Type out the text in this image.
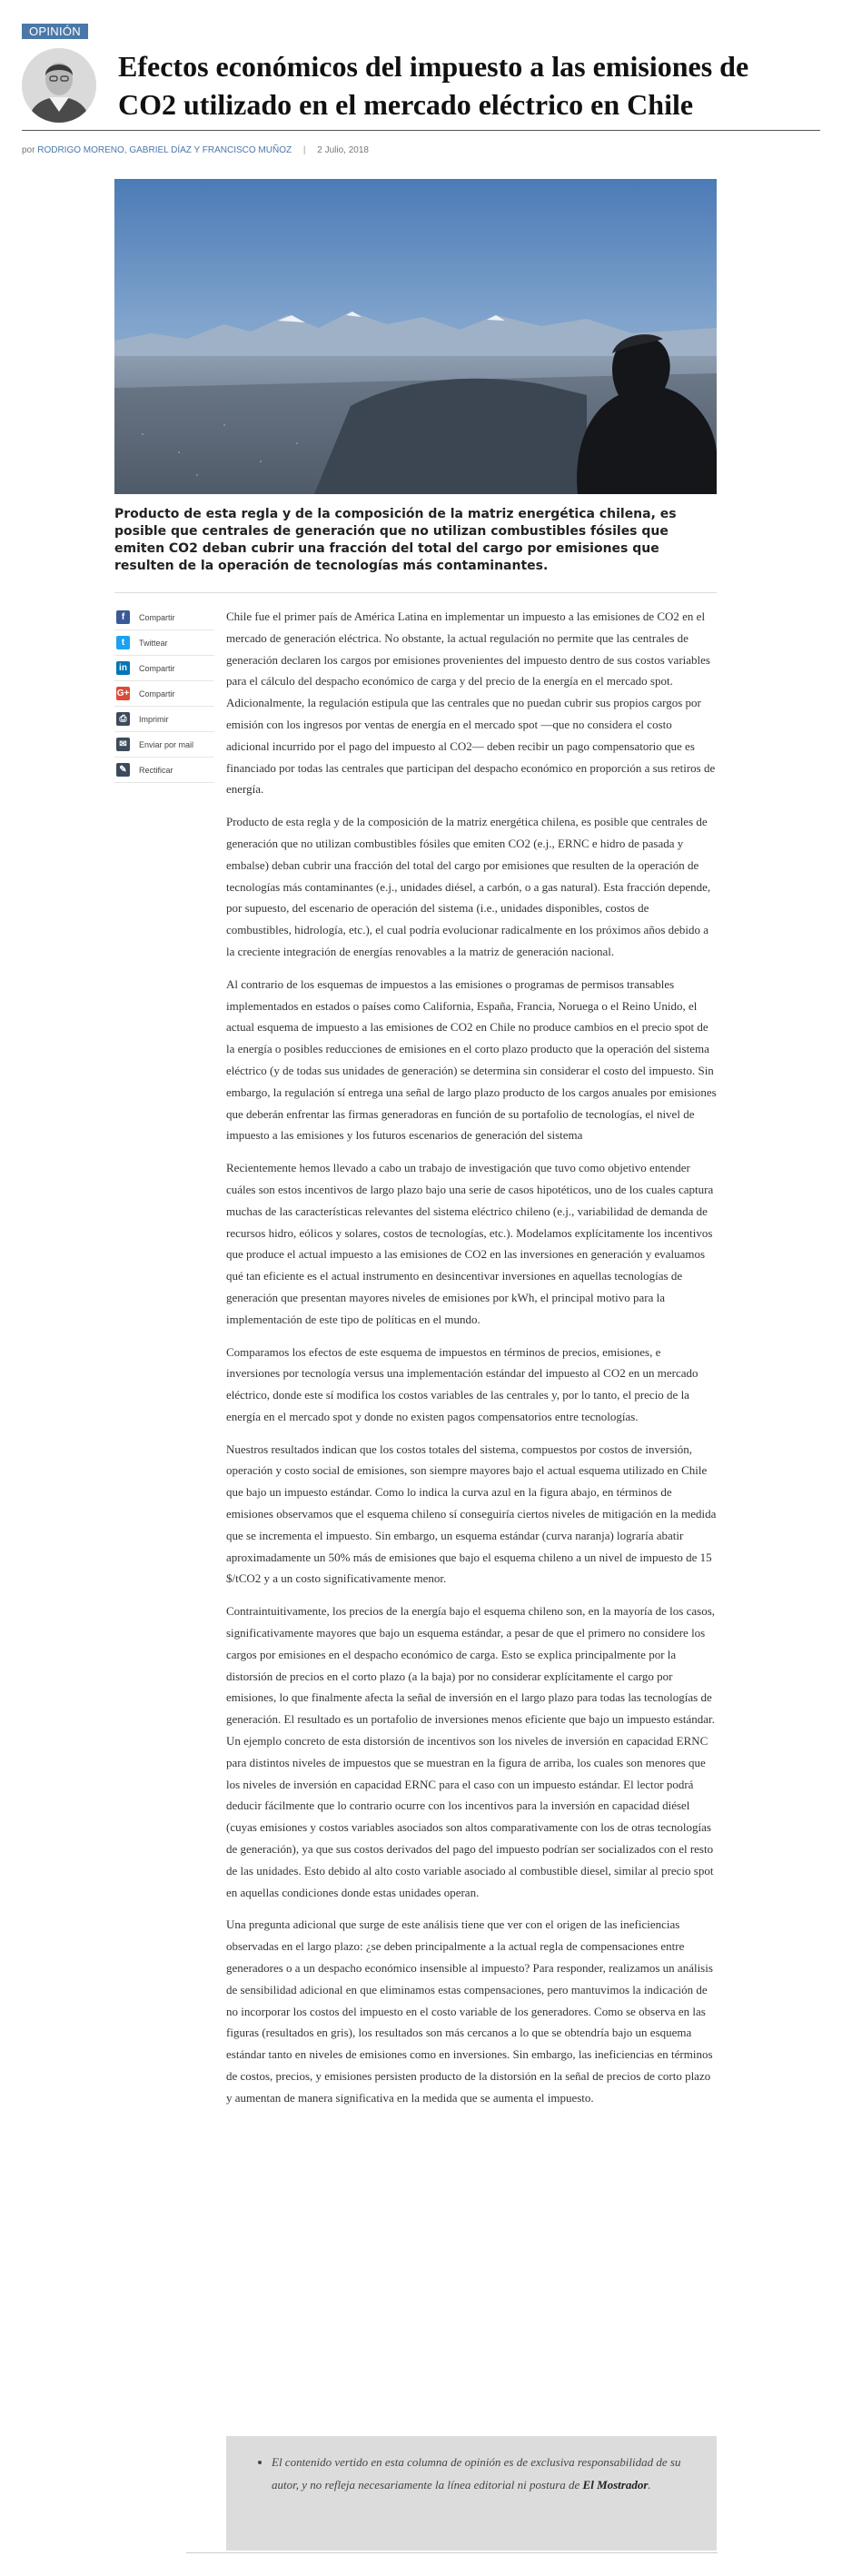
OPINIÓN
Efectos económicos del impuesto a las emisiones de CO2 utilizado en el mercado eléctrico en Chile
por RODRIGO MORENO, GABRIEL DÍAZ Y FRANCISCO MUÑOZ | 2 Julio, 2018

Producto de esta regla y de la composición de la matriz energética chilena, es posible que centrales de generación que no utilizan combustibles fósiles que emiten CO2 deban cubrir una fracción del total del cargo por emisiones que resulten de la operación de tecnologías más contaminantes.

f	Compartir
t	Twittear
in	Compartir
G+ Compartir
⎙	Imprimir
✉	Enviar por mail
✎	Rectificar

Chile fue el primer país de América Latina en implementar un impuesto a las emisiones de CO2 en el mercado de generación eléctrica. No obstante, la actual regulación no permite que las centrales de generación declaren los cargos por emisiones provenientes del impuesto dentro de sus costos variables para el cálculo del despacho económico de carga y del precio de la energía en el mercado spot. Adicionalmente, la regulación estipula que las centrales que no puedan cubrir sus propios cargos por emisión con los ingresos por ventas de energía en el mercado spot —que no considera el costo adicional incurrido por el pago del impuesto al CO2— deben recibir un pago compensatorio que es financiado por todas las centrales que participan del despacho económico en proporción a sus retiros de energía.

Producto de esta regla y de la composición de la matriz energética chilena, es posible que centrales de generación que no utilizan combustibles fósiles que emiten CO2 (e.j., ERNC e hidro de pasada y embalse) deban cubrir una fracción del total del cargo por emisiones que resulten de la operación de tecnologías más contaminantes (e.j., unidades diésel, a carbón, o a gas natural). Esta fracción depende, por supuesto, del escenario de operación del sistema (i.e., unidades disponibles, costos de combustibles, hidrología, etc.), el cual podría evolucionar radicalmente en los próximos años debido a la creciente integración de energías renovables a la matriz de generación nacional.

Al contrario de los esquemas de impuestos a las emisiones o programas de permisos transables implementados en estados o países como California, España, Francia, Noruega o el Reino Unido, el actual esquema de impuesto a las emisiones de CO2 en Chile no produce cambios en el precio spot de la energía o posibles reducciones de emisiones en el corto plazo producto que la operación del sistema eléctrico (y de todas sus unidades de generación) se determina sin considerar el costo del impuesto. Sin embargo, la regulación sí entrega una señal de largo plazo producto de los cargos anuales por emisiones que deberán enfrentar las firmas generadoras en función de su portafolio de tecnologías, el nivel de impuesto a las emisiones y los futuros escenarios de generación del sistema

Recientemente hemos llevado a cabo un trabajo de investigación que tuvo como objetivo entender cuáles son estos incentivos de largo plazo bajo una serie de casos hipotéticos, uno de los cuales captura muchas de las características relevantes del sistema eléctrico chileno (e.j., variabilidad de demanda de recursos hidro, eólicos y solares, costos de tecnologías, etc.). Modelamos explícitamente los incentivos que produce el actual impuesto a las emisiones de CO2 en las inversiones en generación y evaluamos qué tan eficiente es el actual instrumento en desincentivar inversiones en aquellas tecnologías de generación que presentan mayores niveles de emisiones por kWh, el principal motivo para la implementación de este tipo de políticas en el mundo.

Comparamos los efectos de este esquema de impuestos en términos de precios, emisiones, e inversiones por tecnología versus una implementación estándar del impuesto al CO2 en un mercado eléctrico, donde este sí modifica los costos variables de las centrales y, por lo tanto, el precio de la energía en el mercado spot y donde no existen pagos compensatorios entre tecnologías.

Nuestros resultados indican que los costos totales del sistema, compuestos por costos de inversión, operación y costo social de emisiones, son siempre mayores bajo el actual esquema utilizado en Chile que bajo un impuesto estándar. Como lo indica la curva azul en la figura abajo, en términos de emisiones observamos que el esquema chileno sí conseguiría ciertos niveles de mitigación en la medida que se incrementa el impuesto. Sin embargo, un esquema estándar (curva naranja) lograría abatir aproximadamente un 50% más de emisiones que bajo el esquema chileno a un nivel de impuesto de 15 $/tCO2 y a un costo significativamente menor.

Contraintuitivamente, los precios de la energía bajo el esquema chileno son, en la mayoría de los casos, significativamente mayores que bajo un esquema estándar, a pesar de que el primero no considere los cargos por emisiones en el despacho económico de carga. Esto se explica principalmente por la distorsión de precios en el corto plazo (a la baja) por no considerar explícitamente el cargo por emisiones, lo que finalmente afecta la señal de inversión en el largo plazo para todas las tecnologías de generación. El resultado es un portafolio de inversiones menos eficiente que bajo un impuesto estándar. Un ejemplo concreto de esta distorsión de incentivos son los niveles de inversión en capacidad ERNC para distintos niveles de impuestos que se muestran en la figura de arriba, los cuales son menores que los niveles de inversión en capacidad ERNC para el caso con un impuesto estándar. El lector podrá deducir fácilmente que lo contrario ocurre con los incentivos para la inversión en capacidad diésel (cuyas emisiones y costos variables asociados son altos comparativamente con los de otras tecnologías de generación), ya que sus costos derivados del pago del impuesto podrían ser socializados con el resto de las unidades. Esto debido al alto costo variable asociado al combustible diesel, similar al precio spot en aquellas condiciones donde estas unidades operan.

Una pregunta adicional que surge de este análisis tiene que ver con el origen de las ineficiencias observadas en el largo plazo: ¿se deben principalmente a la actual regla de compensaciones entre generadores o a un despacho económico insensible al impuesto? Para responder, realizamos un análisis de sensibilidad adicional en que eliminamos estas compensaciones, pero mantuvimos la indicación de no incorporar los costos del impuesto en el costo variable de los generadores. Como se observa en las figuras (resultados en gris), los resultados son más cercanos a lo que se obtendría bajo un esquema estándar tanto en niveles de emisiones como en inversiones. Sin embargo, las ineficiencias en términos de costos, precios, y emisiones persisten producto de la distorsión en la señal de precios de corto plazo y aumentan de manera significativa en la medida que se aumenta el impuesto.

• El contenido vertido en esta columna de opinión es de exclusiva responsabilidad de su autor, y no refleja necesariamente la línea editorial ni postura de El Mostrador.
